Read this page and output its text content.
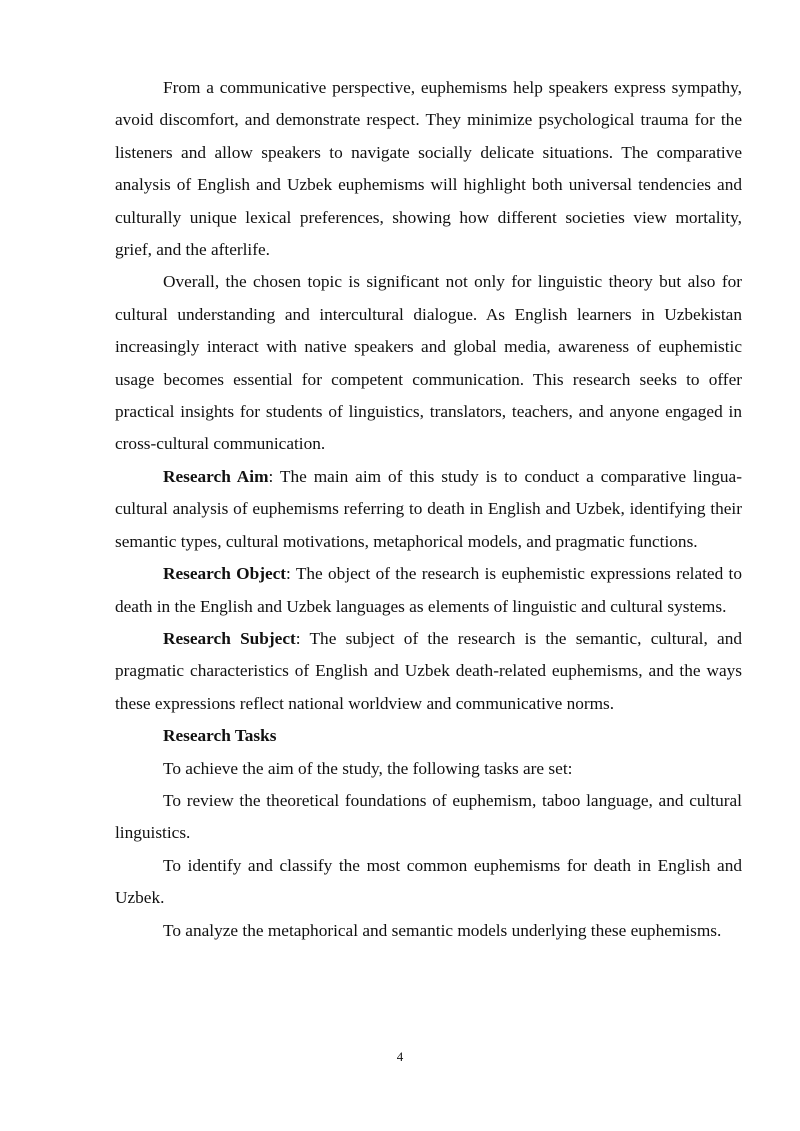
From a communicative perspective, euphemisms help speakers express sympathy, avoid discomfort, and demonstrate respect. They minimize psychological trauma for the listeners and allow speakers to navigate socially delicate situations. The comparative analysis of English and Uzbek euphemisms will highlight both universal tendencies and culturally unique lexical preferences, showing how different societies view mortality, grief, and the afterlife.

Overall, the chosen topic is significant not only for linguistic theory but also for cultural understanding and intercultural dialogue. As English learners in Uzbekistan increasingly interact with native speakers and global media, awareness of euphemistic usage becomes essential for competent communication. This research seeks to offer practical insights for students of linguistics, translators, teachers, and anyone engaged in cross-cultural communication.

Research Aim: The main aim of this study is to conduct a comparative lingua-cultural analysis of euphemisms referring to death in English and Uzbek, identifying their semantic types, cultural motivations, metaphorical models, and pragmatic functions.

Research Object: The object of the research is euphemistic expressions related to death in the English and Uzbek languages as elements of linguistic and cultural systems.

Research Subject: The subject of the research is the semantic, cultural, and pragmatic characteristics of English and Uzbek death-related euphemisms, and the ways these expressions reflect national worldview and communicative norms.

Research Tasks

To achieve the aim of the study, the following tasks are set:

To review the theoretical foundations of euphemism, taboo language, and cultural linguistics.

To identify and classify the most common euphemisms for death in English and Uzbek.

To analyze the metaphorical and semantic models underlying these euphemisms.

4
